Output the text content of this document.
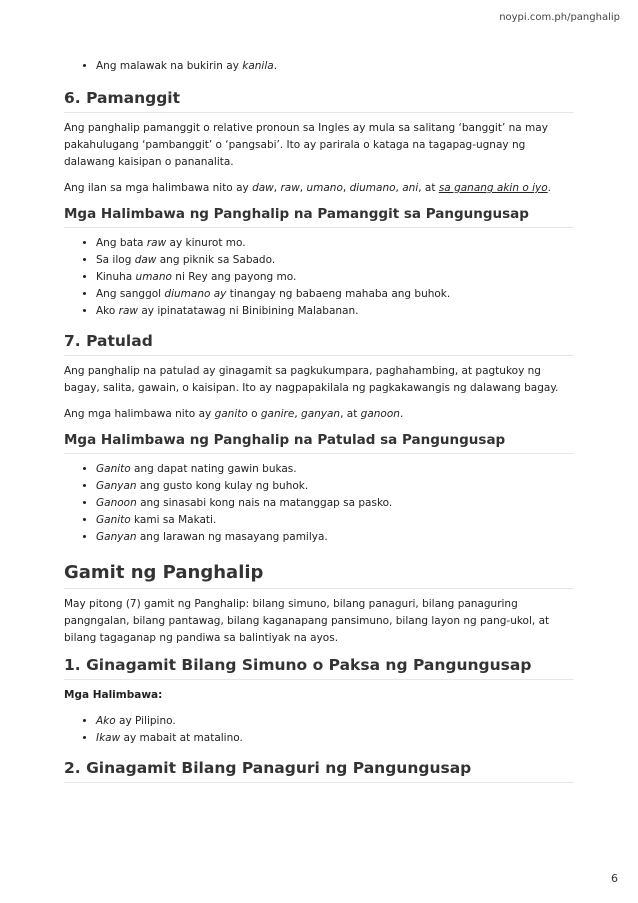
noypi.com.ph/panghalip
• Ang malawak na bukirin ay kanila.
6. Pamanggit

Ang panghalip pamanggit o relative pronoun sa Ingles ay mula sa salitang ‘banggit’ na may pakahulugang ‘pambanggit’ o ‘pangsabi’. Ito ay parirala o kataga na tagapag-ugnay ng dalawang kaisipan o pananalita.

Ang ilan sa mga halimbawa nito ay daw, raw, umano, diumano, ani, at sa ganang akin o iyo.

Mga Halimbawa ng Panghalip na Pamanggit sa Pangungusap
• Ang bata raw ay kinurot mo.
• Sa ilog daw ang piknik sa Sabado.
• Kinuha umano ni Rey ang payong mo.
• Ang sanggol diumano ay tinangay ng babaeng mahaba ang buhok.
• Ako raw ay ipinatatawag ni Binibining Malabanan.
7. Patulad

Ang panghalip na patulad ay ginagamit sa pagkukumpara, paghahambing, at pagtukoy ng bagay, salita, gawain, o kaisipan. Ito ay nagpapakilala ng pagkakawangis ng dalawang bagay.

Ang mga halimbawa nito ay ganito o ganire, ganyan, at ganoon.

Mga Halimbawa ng Panghalip na Patulad sa Pangungusap
• Ganito ang dapat nating gawin bukas.
• Ganyan ang gusto kong kulay ng buhok.
• Ganoon ang sinasabi kong nais na matanggap sa pasko.
• Ganito kami sa Makati.
• Ganyan ang larawan ng masayang pamilya.
Gamit ng Panghalip

May pitong (7) gamit ng Panghalip: bilang simuno, bilang panaguri, bilang panaguring pangngalan, bilang pantawag, bilang kaganapang pansimuno, bilang layon ng pang-ukol, at bilang tagaganap ng pandiwa sa balintiyak na ayos.

1. Ginagamit Bilang Simuno o Paksa ng Pangungusap

Mga Halimbawa:

• Ako ay Pilipino.
• Ikaw ay mabait at matalino.
2. Ginagamit Bilang Panaguri ng Pangungusap
6
